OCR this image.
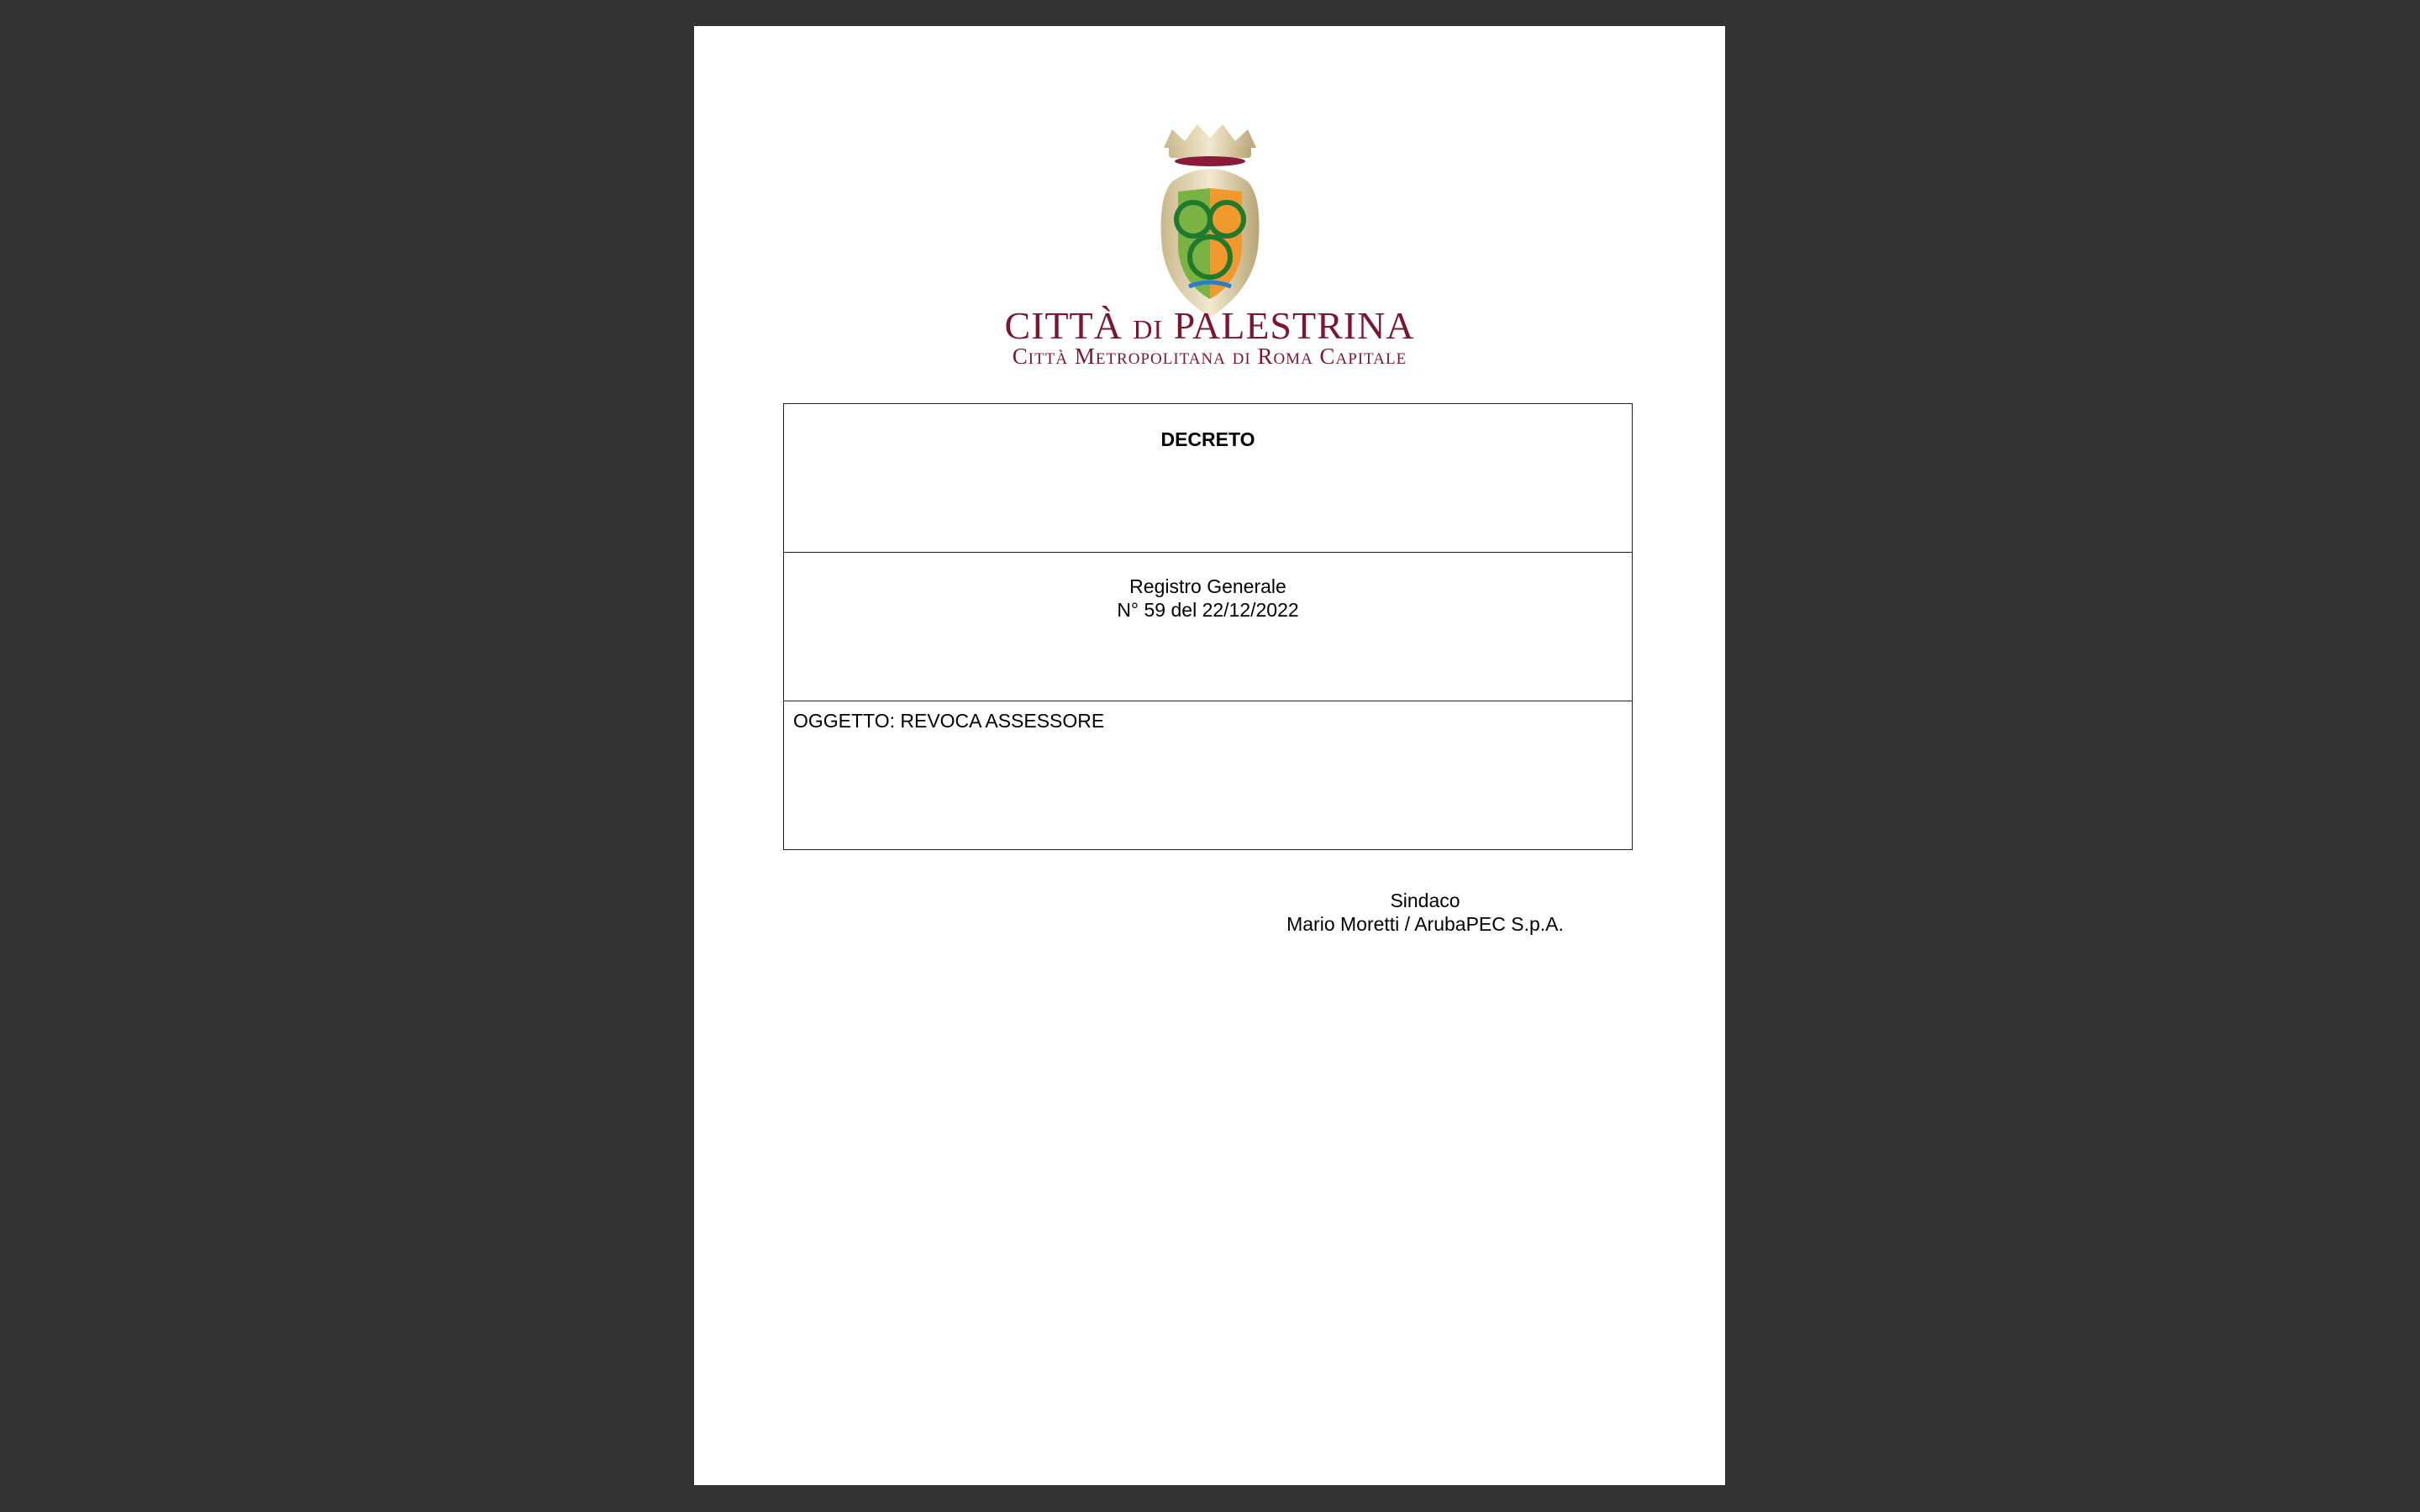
CITTÀ DI PALESTRINA
Città Metropolitana di Roma Capitale
DECRETO
Registro Generale
N° 59 del 22/12/2022
OGGETTO: REVOCA ASSESSORE
Sindaco
Mario Moretti / ArubaPEC S.p.A.
